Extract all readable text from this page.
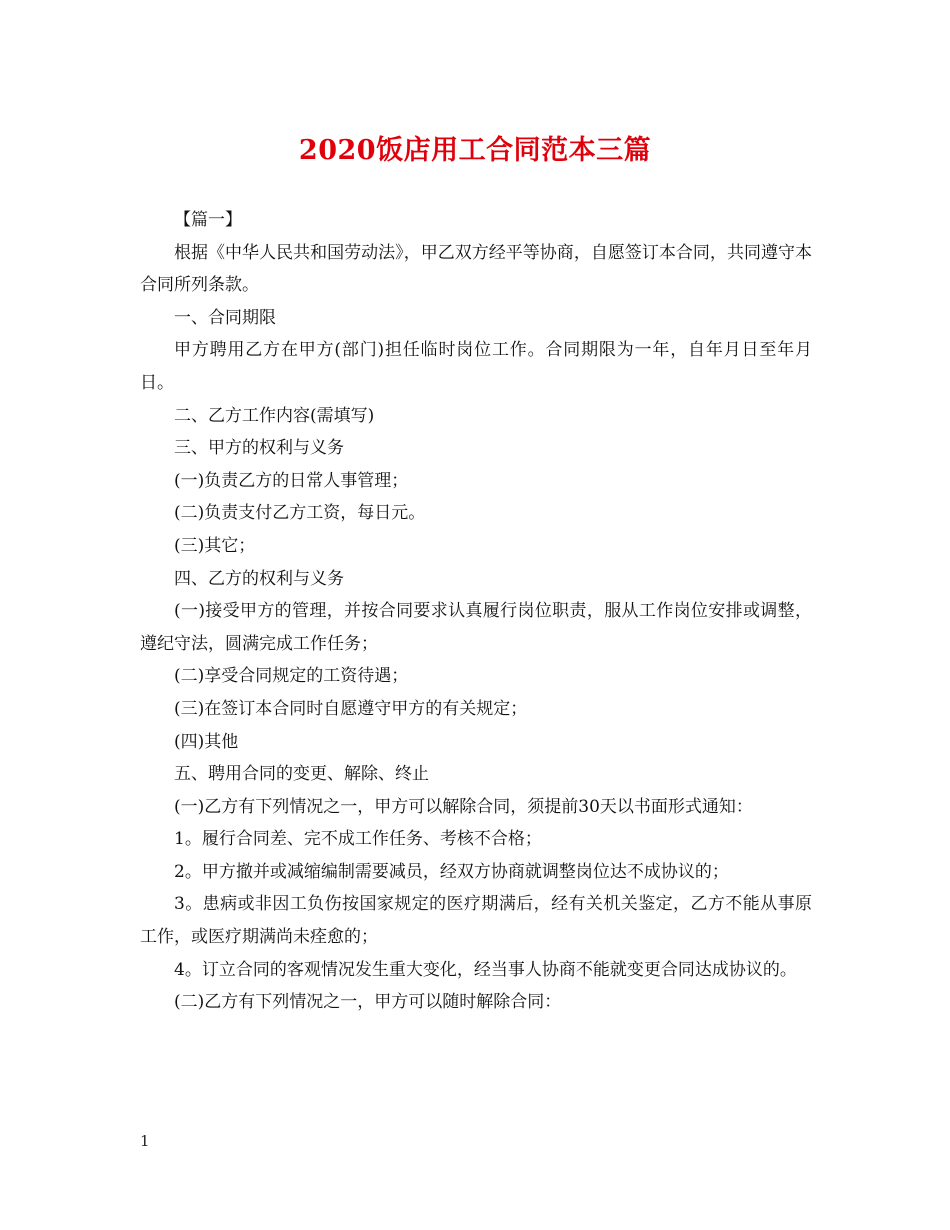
2020饭店用工合同范本三篇

【篇一】

根据《中华人民共和国劳动法》，甲乙双方经平等协商，自愿签订本合同，共同遵守本合同所列条款。

一、合同期限

甲方聘用乙方在甲方(部门)担任临时岗位工作。合同期限为一年，自年月日至年月日。

二、乙方工作内容(需填写)

三、甲方的权利与义务

(一)负责乙方的日常人事管理；

(二)负责支付乙方工资，每日元。

(三)其它；

四、乙方的权利与义务

(一)接受甲方的管理，并按合同要求认真履行岗位职责，服从工作岗位安排或调整，遵纪守法，圆满完成工作任务；

(二)享受合同规定的工资待遇；

(三)在签订本合同时自愿遵守甲方的有关规定；

(四)其他

五、聘用合同的变更、解除、终止

(一)乙方有下列情况之一，甲方可以解除合同，须提前30天以书面形式通知：

1。履行合同差、完不成工作任务、考核不合格；

2。甲方撤并或减缩编制需要减员，经双方协商就调整岗位达不成协议的；

3。患病或非因工负伤按国家规定的医疗期满后，经有关机关鉴定，乙方不能从事原工作，或医疗期满尚未痊愈的；

4。订立合同的客观情况发生重大变化，经当事人协商不能就变更合同达成协议的。

(二)乙方有下列情况之一，甲方可以随时解除合同：

1
